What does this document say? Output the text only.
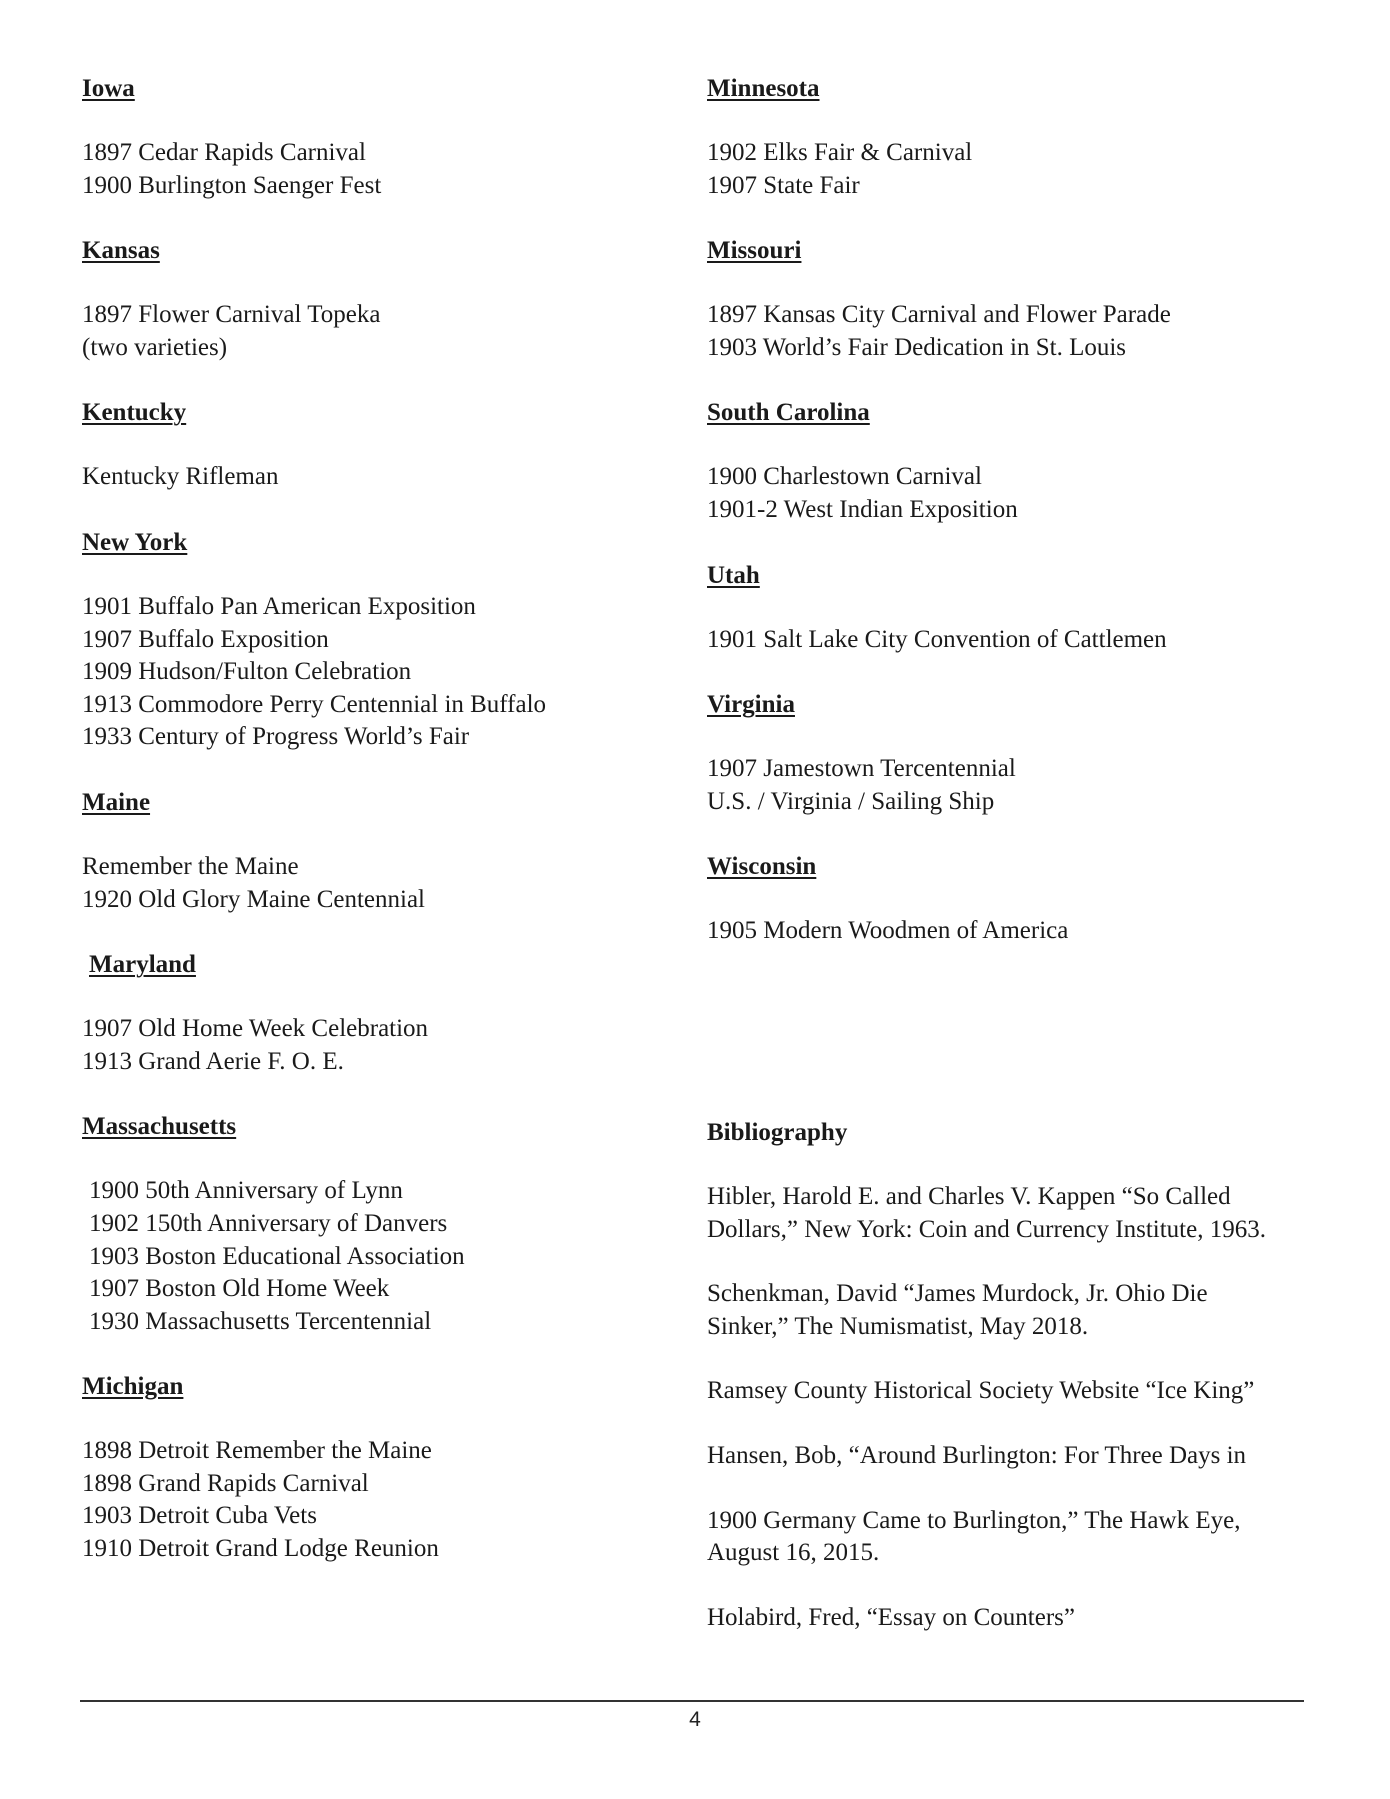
Iowa
1897 Cedar Rapids Carnival
1900 Burlington Saenger Fest
Kansas
1897 Flower Carnival Topeka
(two varieties)
Kentucky
Kentucky Rifleman
New York
1901 Buffalo Pan American Exposition
1907 Buffalo Exposition
1909 Hudson/Fulton Celebration
1913 Commodore Perry Centennial in Buffalo
1933 Century of Progress World’s Fair
Maine
Remember the Maine
1920 Old Glory Maine Centennial
Maryland
1907 Old Home Week Celebration
1913 Grand Aerie F. O. E.
Massachusetts
1900 50th Anniversary of Lynn
1902 150th Anniversary of Danvers
1903 Boston Educational Association
1907 Boston Old Home Week
1930 Massachusetts Tercentennial
Michigan
1898 Detroit Remember the Maine
1898 Grand Rapids Carnival
1903 Detroit Cuba Vets
1910 Detroit Grand Lodge Reunion
Minnesota
1902 Elks Fair & Carnival
1907 State Fair
Missouri
1897 Kansas City Carnival and Flower Parade
1903 World’s Fair Dedication in St. Louis
South Carolina
1900 Charlestown Carnival
1901-2 West Indian Exposition
Utah
1901 Salt Lake City Convention of Cattlemen
Virginia
1907 Jamestown Tercentennial
U.S. / Virginia / Sailing Ship
Wisconsin
1905 Modern Woodmen of America
Bibliography
Hibler, Harold E. and Charles V. Kappen “So Called
Dollars,” New York: Coin and Currency Institute, 1963.
Schenkman, David “James Murdock, Jr. Ohio Die
Sinker,” The Numismatist, May 2018.
Ramsey County Historical Society Website “Ice King”
Hansen, Bob, “Around Burlington: For Three Days in
1900 Germany Came to Burlington,” The Hawk Eye,
August 16, 2015.
Holabird, Fred, “Essay on Counters”
4
